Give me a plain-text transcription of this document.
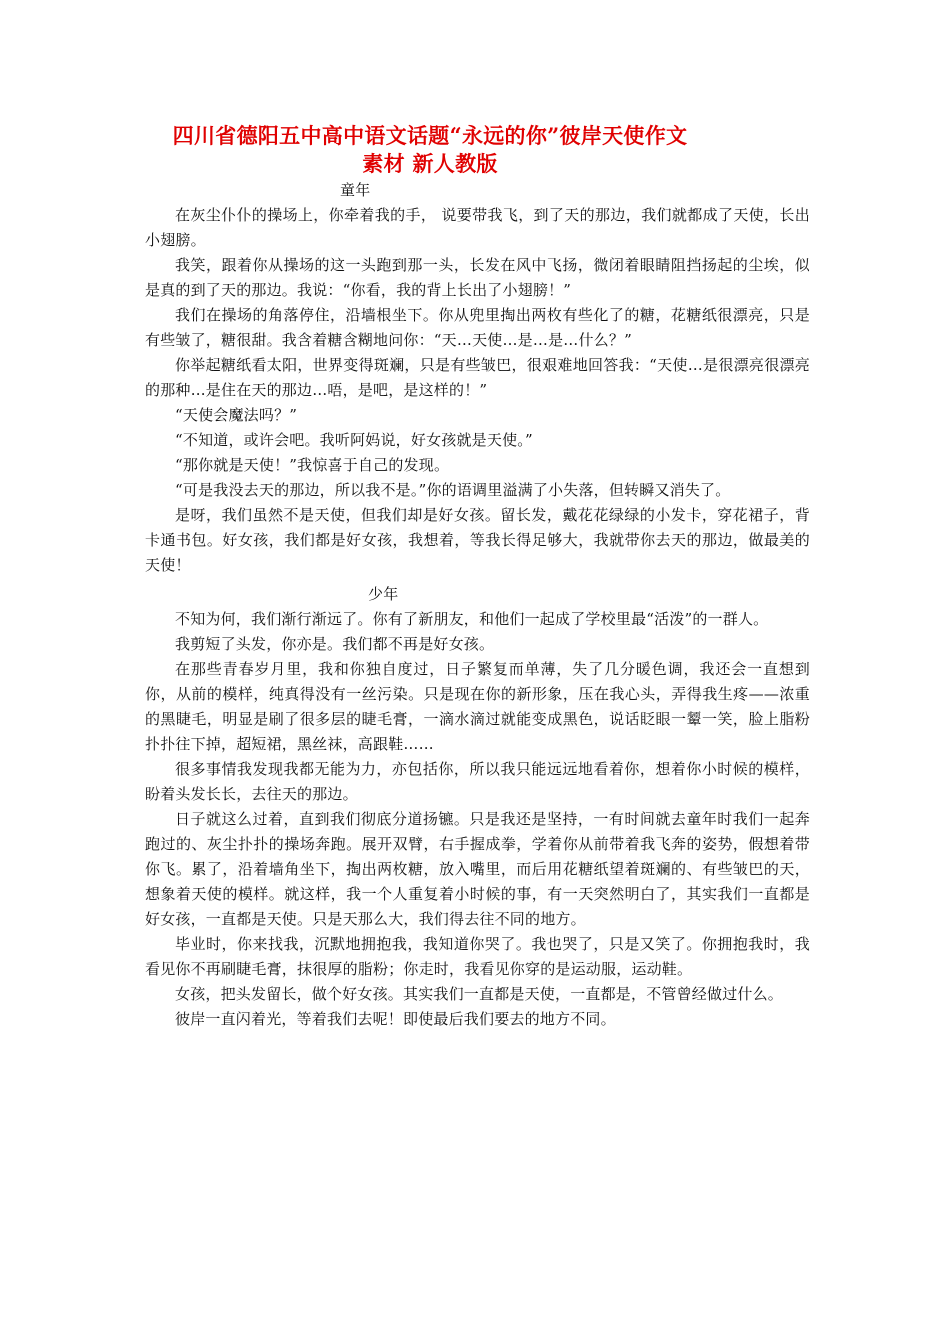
四川省德阳五中高中语文话题“永远的你”彼岸天使作文
素材 新人教版

童年

在灰尘仆仆的操场上，你牵着我的手， 说要带我飞，到了天的那边，我们就都成了天使，长出小翅膀。

我笑，跟着你从操场的这一头跑到那一头，长发在风中飞扬，微闭着眼睛阻挡扬起的尘埃，似是真的到了天的那边。我说：“你看，我的背上长出了小翅膀！”

我们在操场的角落停住，沿墙根坐下。你从兜里掏出两枚有些化了的糖，花糖纸很漂亮，只是有些皱了，糖很甜。我含着糖含糊地问你：“天…天使…是…是…什么？”

你举起糖纸看太阳，世界变得斑斓，只是有些皱巴，很艰难地回答我：“天使…是很漂亮很漂亮的那种…是住在天的那边…唔，是吧，是这样的！”

“天使会魔法吗？”

“不知道，或许会吧。我听阿妈说，好女孩就是天使。”

“那你就是天使！”我惊喜于自己的发现。

“可是我没去天的那边，所以我不是。”你的语调里溢满了小失落，但转瞬又消失了。

是呀，我们虽然不是天使，但我们却是好女孩。留长发，戴花花绿绿的小发卡，穿花裙子，背卡通书包。好女孩，我们都是好女孩，我想着，等我长得足够大，我就带你去天的那边，做最美的天使！

少年

不知为何，我们渐行渐远了。你有了新朋友，和他们一起成了学校里最“活泼”的一群人。

我剪短了头发，你亦是。我们都不再是好女孩。

在那些青春岁月里，我和你独自度过，日子繁复而单薄，失了几分暖色调，我还会一直想到你，从前的模样，纯真得没有一丝污染。只是现在你的新形象，压在我心头，弄得我生疼——浓重的黑睫毛，明显是刷了很多层的睫毛膏，一滴水滴过就能变成黑色，说话眨眼一颦一笑，脸上脂粉扑扑往下掉，超短裙，黑丝袜，高跟鞋……

很多事情我发现我都无能为力，亦包括你，所以我只能远远地看着你，想着你小时候的模样，盼着头发长长，去往天的那边。

日子就这么过着，直到我们彻底分道扬镳。只是我还是坚持，一有时间就去童年时我们一起奔跑过的、灰尘扑扑的操场奔跑。展开双臂，右手握成拳，学着你从前带着我飞奔的姿势，假想着带你飞。累了，沿着墙角坐下，掏出两枚糖，放入嘴里，而后用花糖纸望着斑斓的、有些皱巴的天，想象着天使的模样。就这样，我一个人重复着小时候的事，有一天突然明白了，其实我们一直都是好女孩，一直都是天使。只是天那么大，我们得去往不同的地方。

毕业时，你来找我，沉默地拥抱我，我知道你哭了。我也哭了，只是又笑了。你拥抱我时，我看见你不再刷睫毛膏，抹很厚的脂粉；你走时，我看见你穿的是运动服，运动鞋。

女孩，把头发留长，做个好女孩。其实我们一直都是天使，一直都是，不管曾经做过什么。

彼岸一直闪着光，等着我们去呢！即使最后我们要去的地方不同。
